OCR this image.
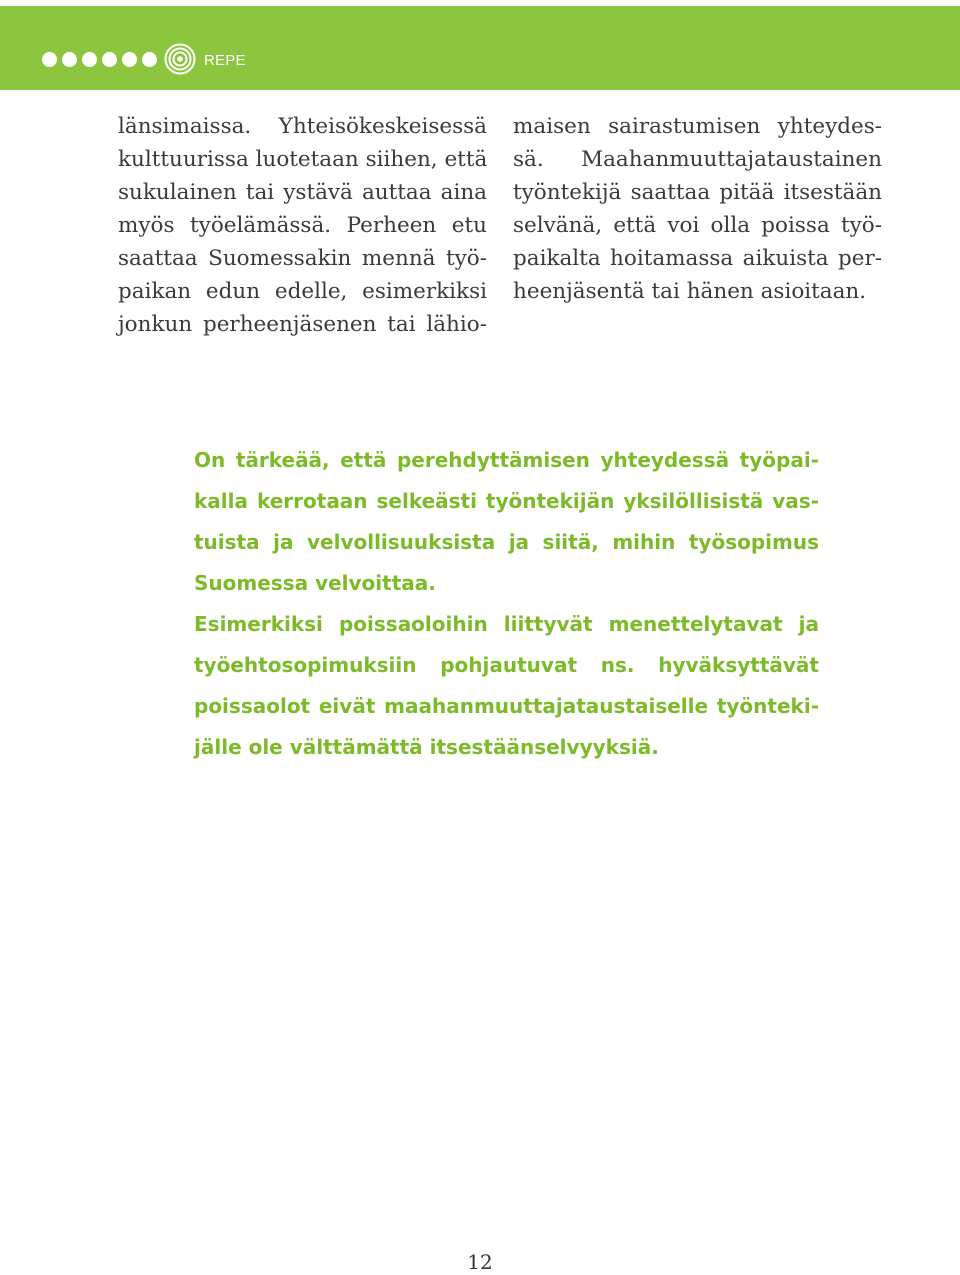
REPE
länsimaissa. Yhteisökeskeisessä
kulttuurissa luotetaan siihen, että
sukulainen tai ystävä auttaa aina
myös työelämässä. Perheen etu
saattaa Suomessakin mennä työ-
paikan edun edelle, esimerkiksi
jonkun perheenjäsenen tai lähio-
maisen sairastumisen yhteydes-
sä. Maahanmuuttajataustainen
työntekijä saattaa pitää itsestään
selvänä, että voi olla poissa työ-
paikalta hoitamassa aikuista per-
heenjäsentä tai hänen asioitaan.
On tärkeää, että perehdyttämisen yhteydessä työpai-
kalla kerrotaan selkeästi työntekijän yksilöllisistä vas-
tuista ja velvollisuuksista ja siitä, mihin työsopimus
Suomessa velvoittaa.
Esimerkiksi poissaoloihin liittyvät menettelytavat ja
työehtosopimuksiin pohjautuvat ns. hyväksyttävät
poissaolot eivät maahanmuuttajataustaiselle työnteki-
jälle ole välttämättä itsestäänselvyyksiä.
12
